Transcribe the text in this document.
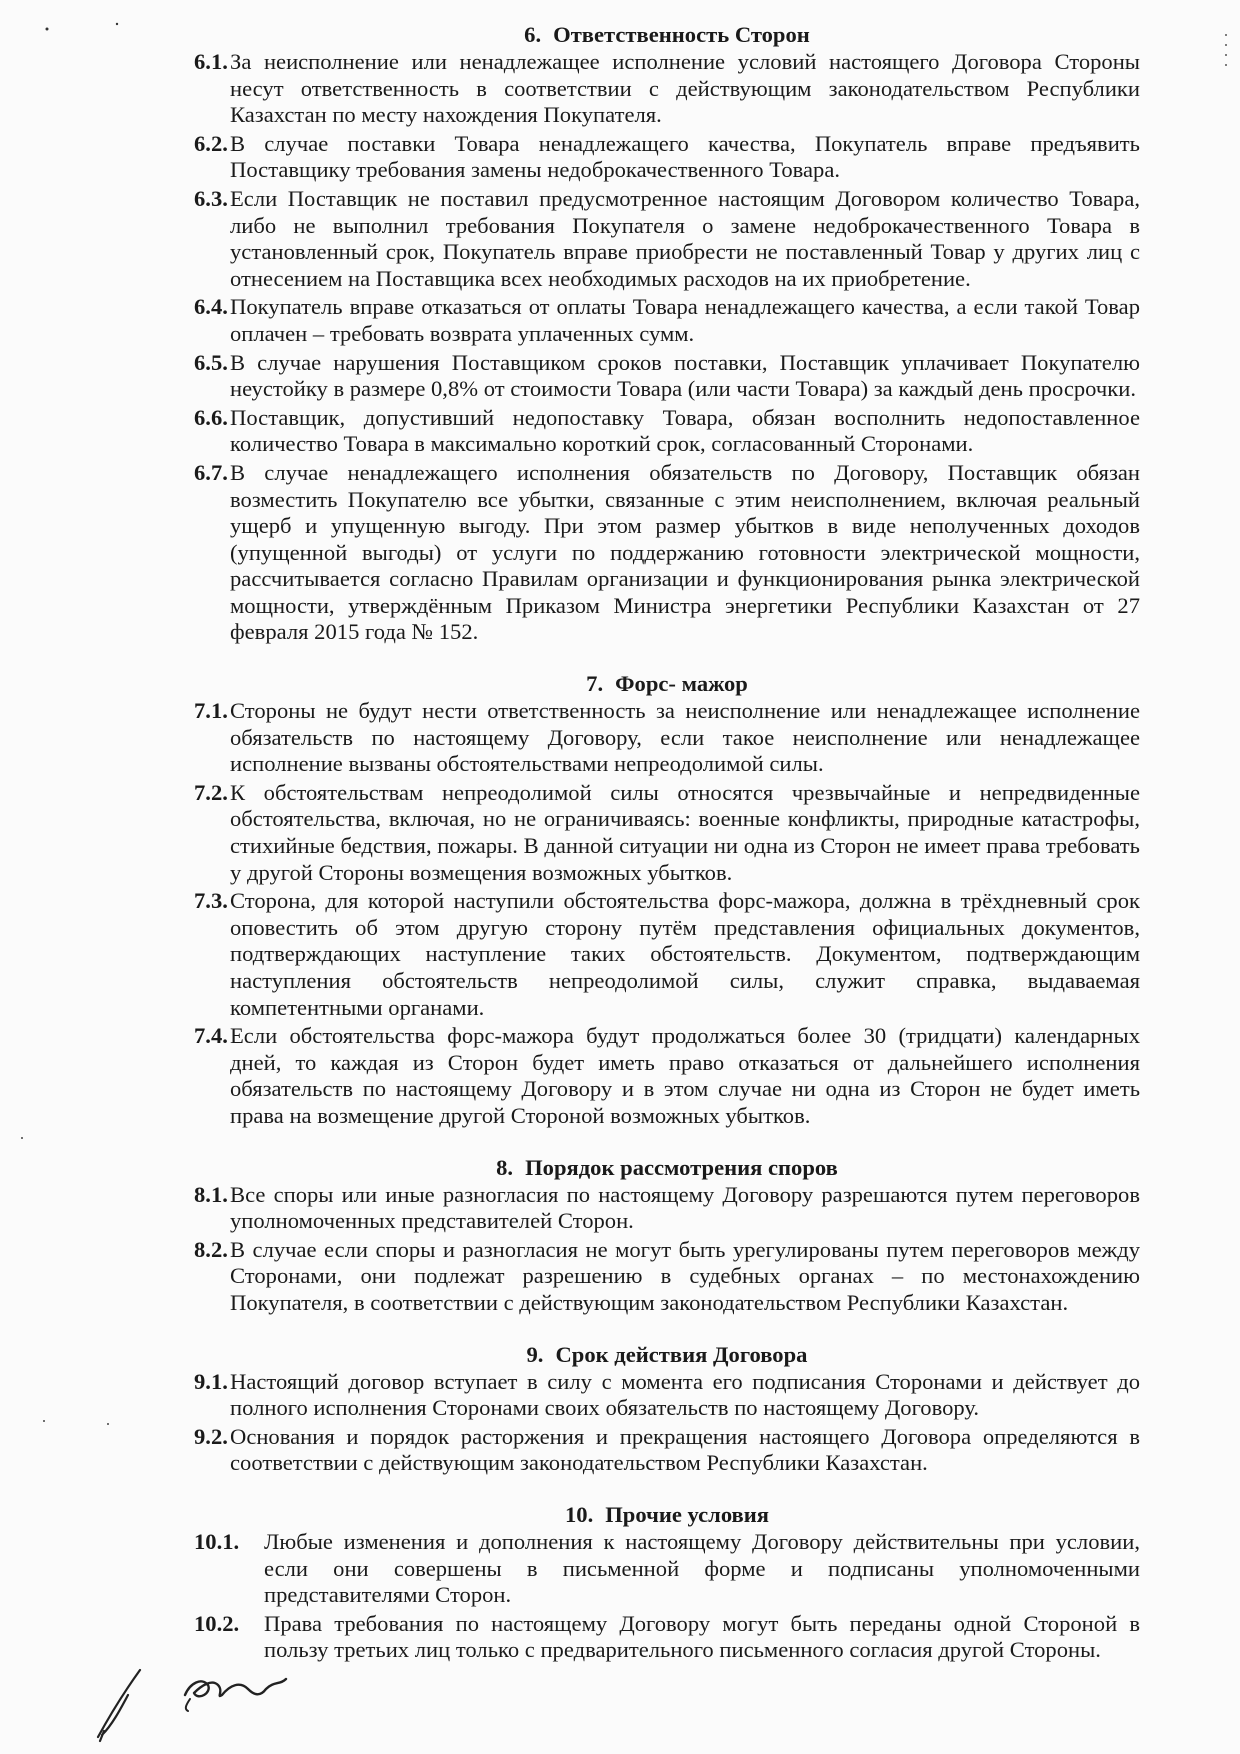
6. Ответственность Сторон
6.1. За неисполнение или ненадлежащее исполнение условий настоящего Договора Стороны несут ответственность в соответствии с действующим законодательством Республики Казахстан по месту нахождения Покупателя.
6.2. В случае поставки Товара ненадлежащего качества, Покупатель вправе предъявить Поставщику требования замены недоброкачественного Товара.
6.3. Если Поставщик не поставил предусмотренное настоящим Договором количество Товара, либо не выполнил требования Покупателя о замене недоброкачественного Товара в установленный срок, Покупатель вправе приобрести не поставленный Товар у других лиц с отнесением на Поставщика всех необходимых расходов на их приобретение.
6.4. Покупатель вправе отказаться от оплаты Товара ненадлежащего качества, а если такой Товар оплачен – требовать возврата уплаченных сумм.
6.5. В случае нарушения Поставщиком сроков поставки, Поставщик уплачивает Покупателю неустойку в размере 0,8% от стоимости Товара (или части Товара) за каждый день просрочки.
6.6. Поставщик, допустивший недопоставку Товара, обязан восполнить недопоставленное количество Товара в максимально короткий срок, согласованный Сторонами.
6.7. В случае ненадлежащего исполнения обязательств по Договору, Поставщик обязан возместить Покупателю все убытки, связанные с этим неисполнением, включая реальный ущерб и упущенную выгоду. При этом размер убытков в виде неполученных доходов (упущенной выгоды) от услуги по поддержанию готовности электрической мощности, рассчитывается согласно Правилам организации и функционирования рынка электрической мощности, утверждённым Приказом Министра энергетики Республики Казахстан от 27 февраля 2015 года № 152.
7. Форс- мажор
7.1. Стороны не будут нести ответственность за неисполнение или ненадлежащее исполнение обязательств по настоящему Договору, если такое неисполнение или ненадлежащее исполнение вызваны обстоятельствами непреодолимой силы.
7.2. К обстоятельствам непреодолимой силы относятся чрезвычайные и непредвиденные обстоятельства, включая, но не ограничиваясь: военные конфликты, природные катастрофы, стихийные бедствия, пожары. В данной ситуации ни одна из Сторон не имеет права требовать у другой Стороны возмещения возможных убытков.
7.3. Сторона, для которой наступили обстоятельства форс-мажора, должна в трёхдневный срок оповестить об этом другую сторону путём представления официальных документов, подтверждающих наступление таких обстоятельств. Документом, подтверждающим наступления обстоятельств непреодолимой силы, служит справка, выдаваемая компетентными органами.
7.4. Если обстоятельства форс-мажора будут продолжаться более 30 (тридцати) календарных дней, то каждая из Сторон будет иметь право отказаться от дальнейшего исполнения обязательств по настоящему Договору и в этом случае ни одна из Сторон не будет иметь права на возмещение другой Стороной возможных убытков.
8. Порядок рассмотрения споров
8.1. Все споры или иные разногласия по настоящему Договору разрешаются путем переговоров уполномоченных представителей Сторон.
8.2. В случае если споры и разногласия не могут быть урегулированы путем переговоров между Сторонами, они подлежат разрешению в судебных органах – по местонахождению Покупателя, в соответствии с действующим законодательством Республики Казахстан.
9. Срок действия Договора
9.1. Настоящий договор вступает в силу с момента его подписания Сторонами и действует до полного исполнения Сторонами своих обязательств по настоящему Договору.
9.2. Основания и порядок расторжения и прекращения настоящего Договора определяются в соответствии с действующим законодательством Республики Казахстан.
10. Прочие условия
10.1.	Любые изменения и дополнения к настоящему Договору действительны при условии, если они совершены в письменной форме и подписаны уполномоченными представителями Сторон.
10.2.	Права требования по настоящему Договору могут быть переданы одной Стороной в пользу третьих лиц только с предварительного письменного согласия другой Стороны.
